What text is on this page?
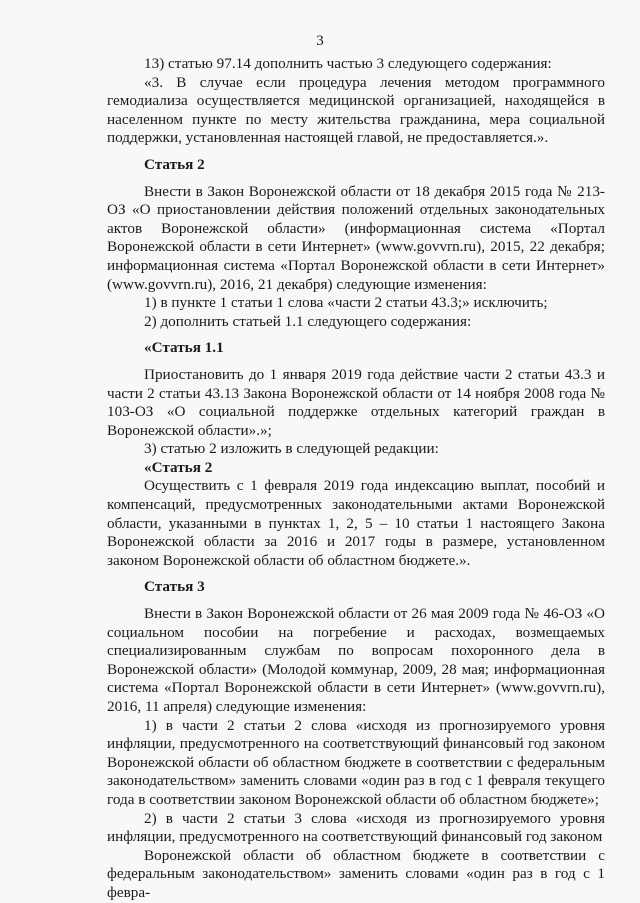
3

13) статью 97.14 дополнить частью 3 следующего содержания:

«3. В случае если процедура лечения методом программного гемодиализа осуществляется медицинской организацией, находящейся в населенном пункте по месту жительства гражданина, мера социальной поддержки, установленная настоящей главой, не предоставляется.».

Статья 2

Внести в Закон Воронежской области от 18 декабря 2015 года № 213-ОЗ «О приостановлении действия положений отдельных законодательных актов Воронежской области» (информационная система «Портал Воронежской области в сети Интернет» (www.govvrn.ru), 2015, 22 декабря; информационная система «Портал Воронежской области в сети Интернет» (www.govvrn.ru), 2016, 21 декабря) следующие изменения:

1) в пункте 1 статьи 1 слова «части 2 статьи 43.3;» исключить;

2) дополнить статьей 1.1 следующего содержания:

«Статья 1.1

Приостановить до 1 января 2019 года действие части 2 статьи 43.3 и части 2 статьи 43.13 Закона Воронежской области от 14 ноября 2008 года № 103-ОЗ «О социальной поддержке отдельных категорий граждан в Воронежской области».»;

3) статью 2 изложить в следующей редакции:

«Статья 2

Осуществить с 1 февраля 2019 года индексацию выплат, пособий и компенсаций, предусмотренных законодательными актами Воронежской области, указанными в пунктах 1, 2, 5 – 10 статьи 1 настоящего Закона Воронежской области за 2016 и 2017 годы в размере, установленном законом Воронежской области об областном бюджете.».

Статья 3

Внести в Закон Воронежской области от 26 мая 2009 года № 46-ОЗ «О социальном пособии на погребение и расходах, возмещаемых специализированным службам по вопросам похоронного дела в Воронежской области» (Молодой коммунар, 2009, 28 мая; информационная система «Портал Воронежской области в сети Интернет» (www.govvrn.ru), 2016, 11 апреля) следующие изменения:

1) в части 2 статьи 2 слова «исходя из прогнозируемого уровня инфляции, предусмотренного на соответствующий финансовый год законом Воронежской области об областном бюджете в соответствии с федеральным законодательством» заменить словами «один раз в год с 1 февраля текущего года в соответствии законом Воронежской области об областном бюджете»;

2) в части 2 статьи 3 слова «исходя из прогнозируемого уровня инфляции, предусмотренного на соответствующий финансовый год законом

Воронежской области об областном бюджете в соответствии с федеральным законодательством» заменить словами «один раз в год с 1 февра-
